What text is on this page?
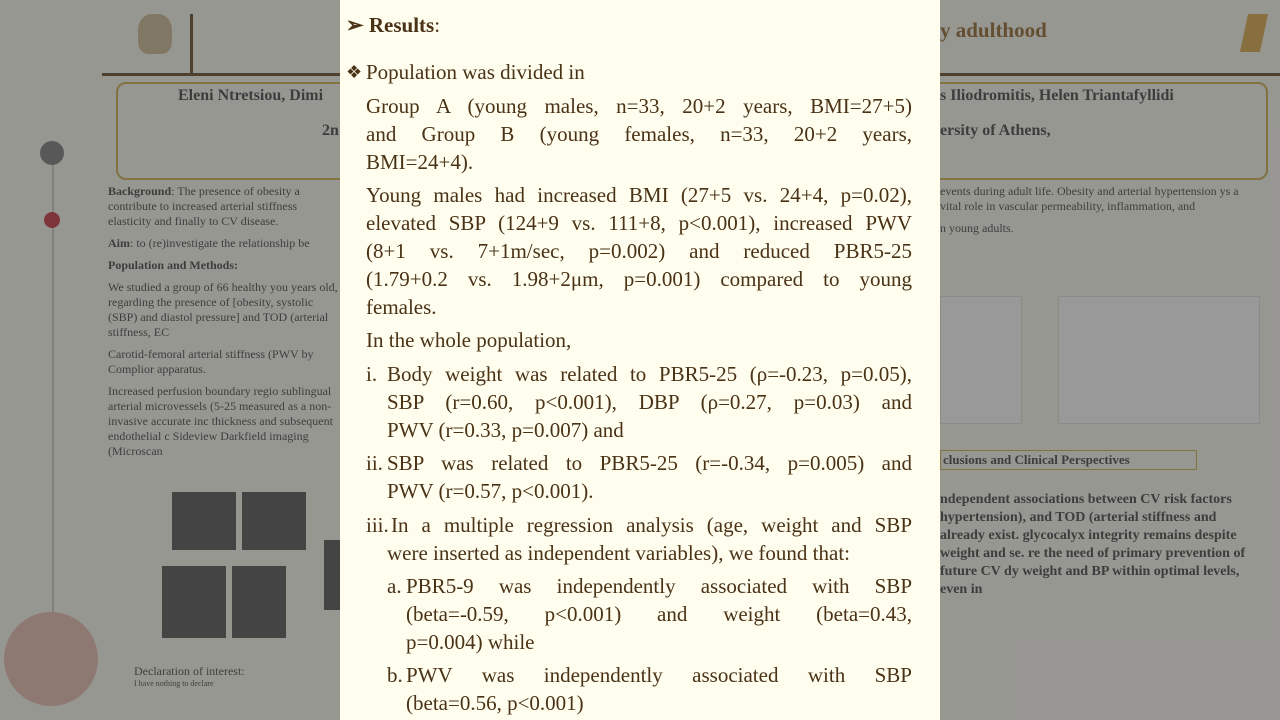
➢ Results:
❖ Population was divided in
Group A (young males, n=33, 20+2 years, BMI=27+5)
and Group B (young females, n=33, 20+2 years,
BMI=24+4).
Young males had increased BMI (27+5 vs. 24+4, p=0.02),
elevated SBP (124+9 vs. 111+8, p<0.001), increased PWV
(8+1 vs. 7+1m/sec, p=0.002) and reduced PBR5-25
(1.79+0.2 vs. 1.98+2μm, p=0.001) compared to young
females.
In the whole population,
i. Body weight was related to PBR5-25 (ρ=-0.23, p=0.05),
SBP (r=0.60, p<0.001), DBP (ρ=0.27, p=0.03) and
PWV (r=0.33, p=0.007) and
ii. SBP was related to PBR5-25 (r=-0.34, p=0.005) and
PWV (r=0.57, p<0.001).
iii. In a multiple regression analysis (age, weight and SBP
were inserted as independent variables), we found that:
a. PBR5-9 was independently associated with SBP
(beta=-0.59, p<0.001) and weight (beta=0.43,
p=0.004) while
b. PWV was independently associated with SBP
(beta=0.56, p<0.001)
